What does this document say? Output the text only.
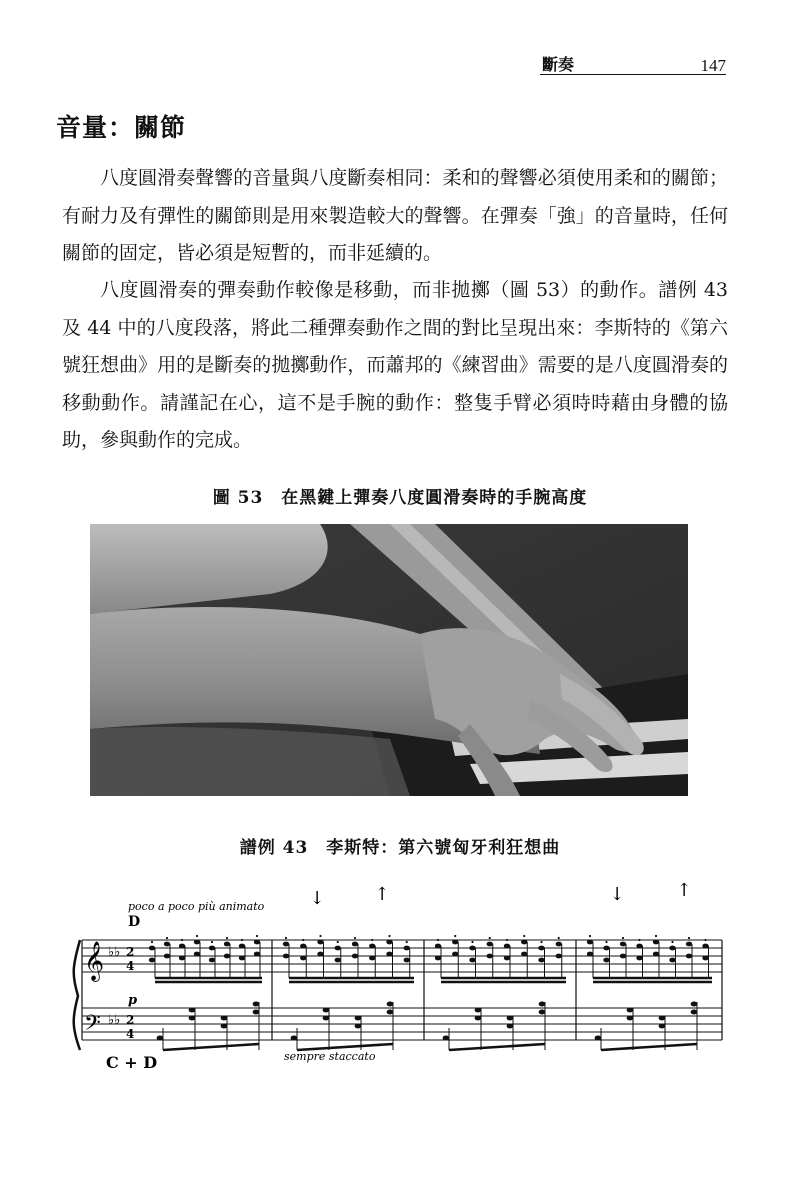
斷奏	147
音量：關節

八度圓滑奏聲響的音量與八度斷奏相同：柔和的聲響必須使用柔和的關節；有耐力及有彈性的關節則是用來製造較大的聲響。在彈奏「強」的音量時，任何關節的固定，皆必須是短暫的，而非延續的。

八度圓滑奏的彈奏動作較像是移動，而非拋擲（圖 53）的動作。譜例 43 及 44 中的八度段落，將此二種彈奏動作之間的對比呈現出來：李斯特的《第六號狂想曲》用的是斷奏的拋擲動作，而蕭邦的《練習曲》需要的是八度圓滑奏的移動動作。請謹記在心，這不是手腕的動作：整隻手臂必須時時藉由身體的協助，參與動作的完成。

圖 53　在黑鍵上彈奏八度圓滑奏時的手腕高度
譜例 43　李斯特：第六號匈牙利狂想曲
poco a poco più animato
D
p
sempre staccato
C + D
↑
↓	↓	↑
𝄞
𝄢
♭♭
♭♭
2
4
2
4
